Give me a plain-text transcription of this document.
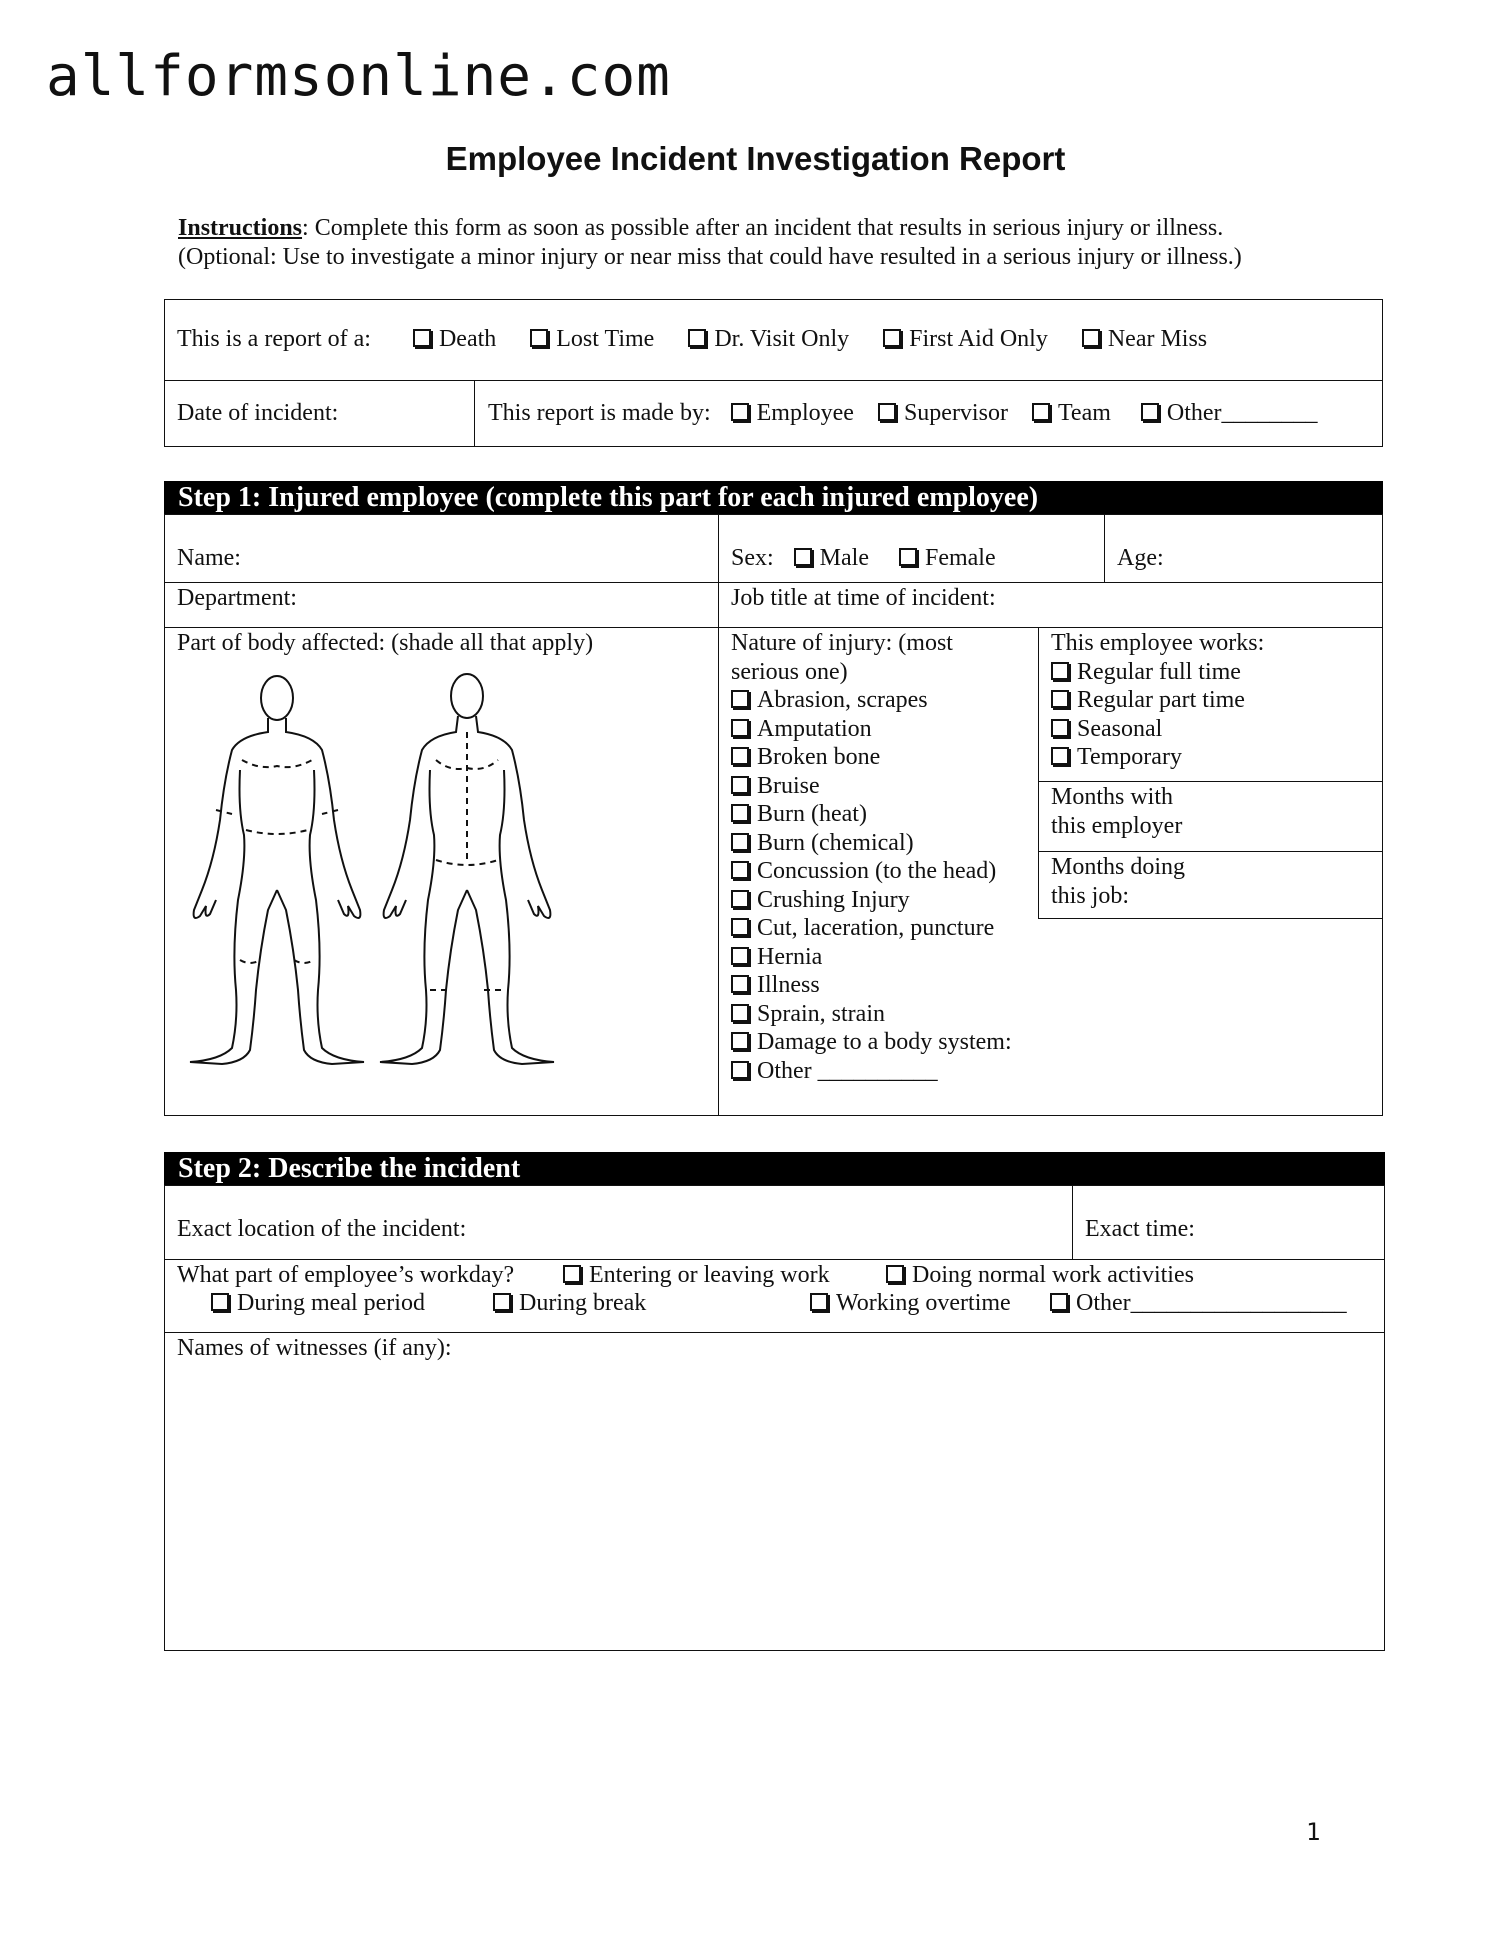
allformsonline.com
Employee Incident Investigation Report
Instructions: Complete this form as soon as possible after an incident that results in serious injury or illness.
(Optional: Use to investigate a minor injury or near miss that could have resulted in a serious injury or illness.)
This is a report of a:	Death	Lost Time	Dr. Visit Only	First Aid Only	Near Miss
Date of incident:	This report is made by: Employee Supervisor Team Other________
Step 1: Injured employee (complete this part for each injured employee)
Name:	Sex: Male Female	Age:
Department:	Job title at time of incident:
Part of body affected: (shade all that apply)	Nature of injury: (most
serious one)
Abrasion, scrapes
Amputation
Broken bone
Bruise
Burn (heat)
Burn (chemical)
Concussion (to the head)
Crushing Injury
Cut, laceration, puncture
Hernia
Illness
Sprain, strain
Damage to a body system:
Other __________
This employee works:
Regular full time
Regular part time
Seasonal
Temporary
Months with
this employer
Months doing
this job:
Step 2: Describe the incident
Exact location of the incident:	Exact time:
What part of employee’s workday?	Entering or leaving work	Doing normal work activities
During meal period	During break	Working overtime	Other__________________
Names of witnesses (if any):
1
